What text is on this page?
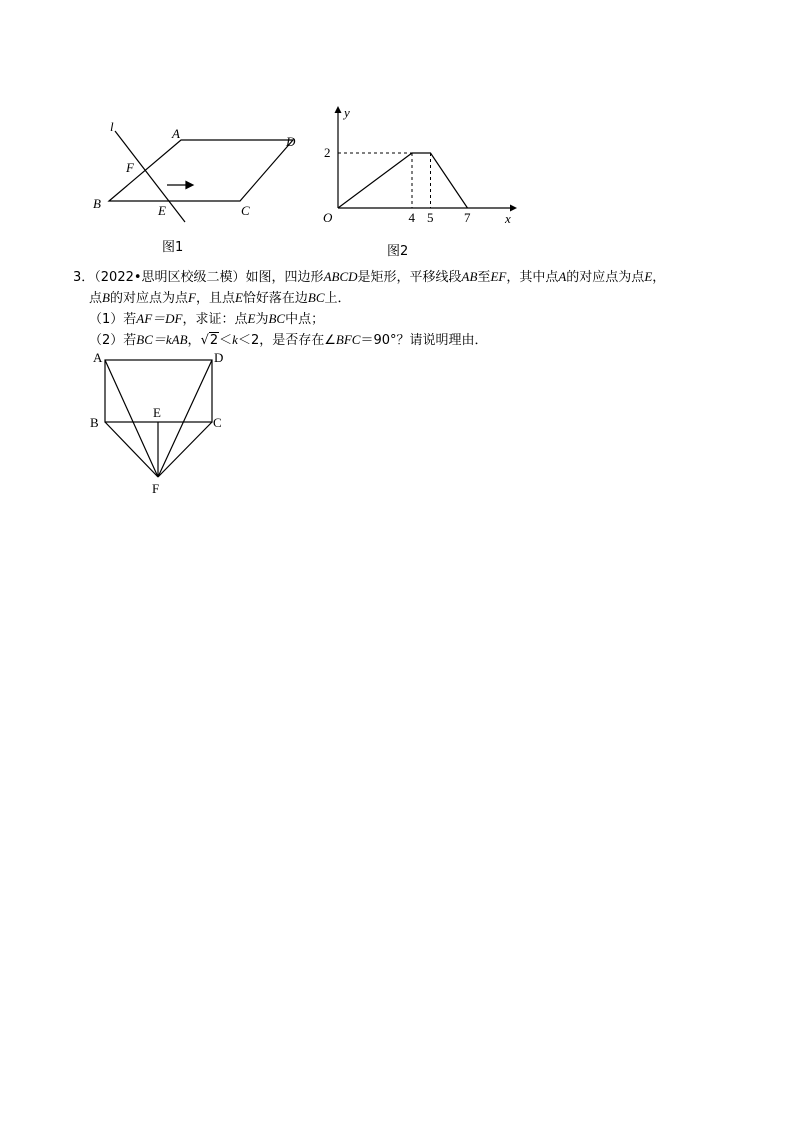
l	A
D
F
B	E	C
图1
4 5 7
2
O	x
y
图2
3．（2022•思明区校级二模）如图，四边形ABCD是矩形，平移线段AB至EF，其中点A的对应点为点E，
点B的对应点为点F，且点E恰好落在边BC上．
（1）若AF＝DF，求证：点E为BC中点；
（2）若BC＝kAB，√2＜k＜2，是否存在∠BFC＝90°？请说明理由．
A	D
B
E
C
F
